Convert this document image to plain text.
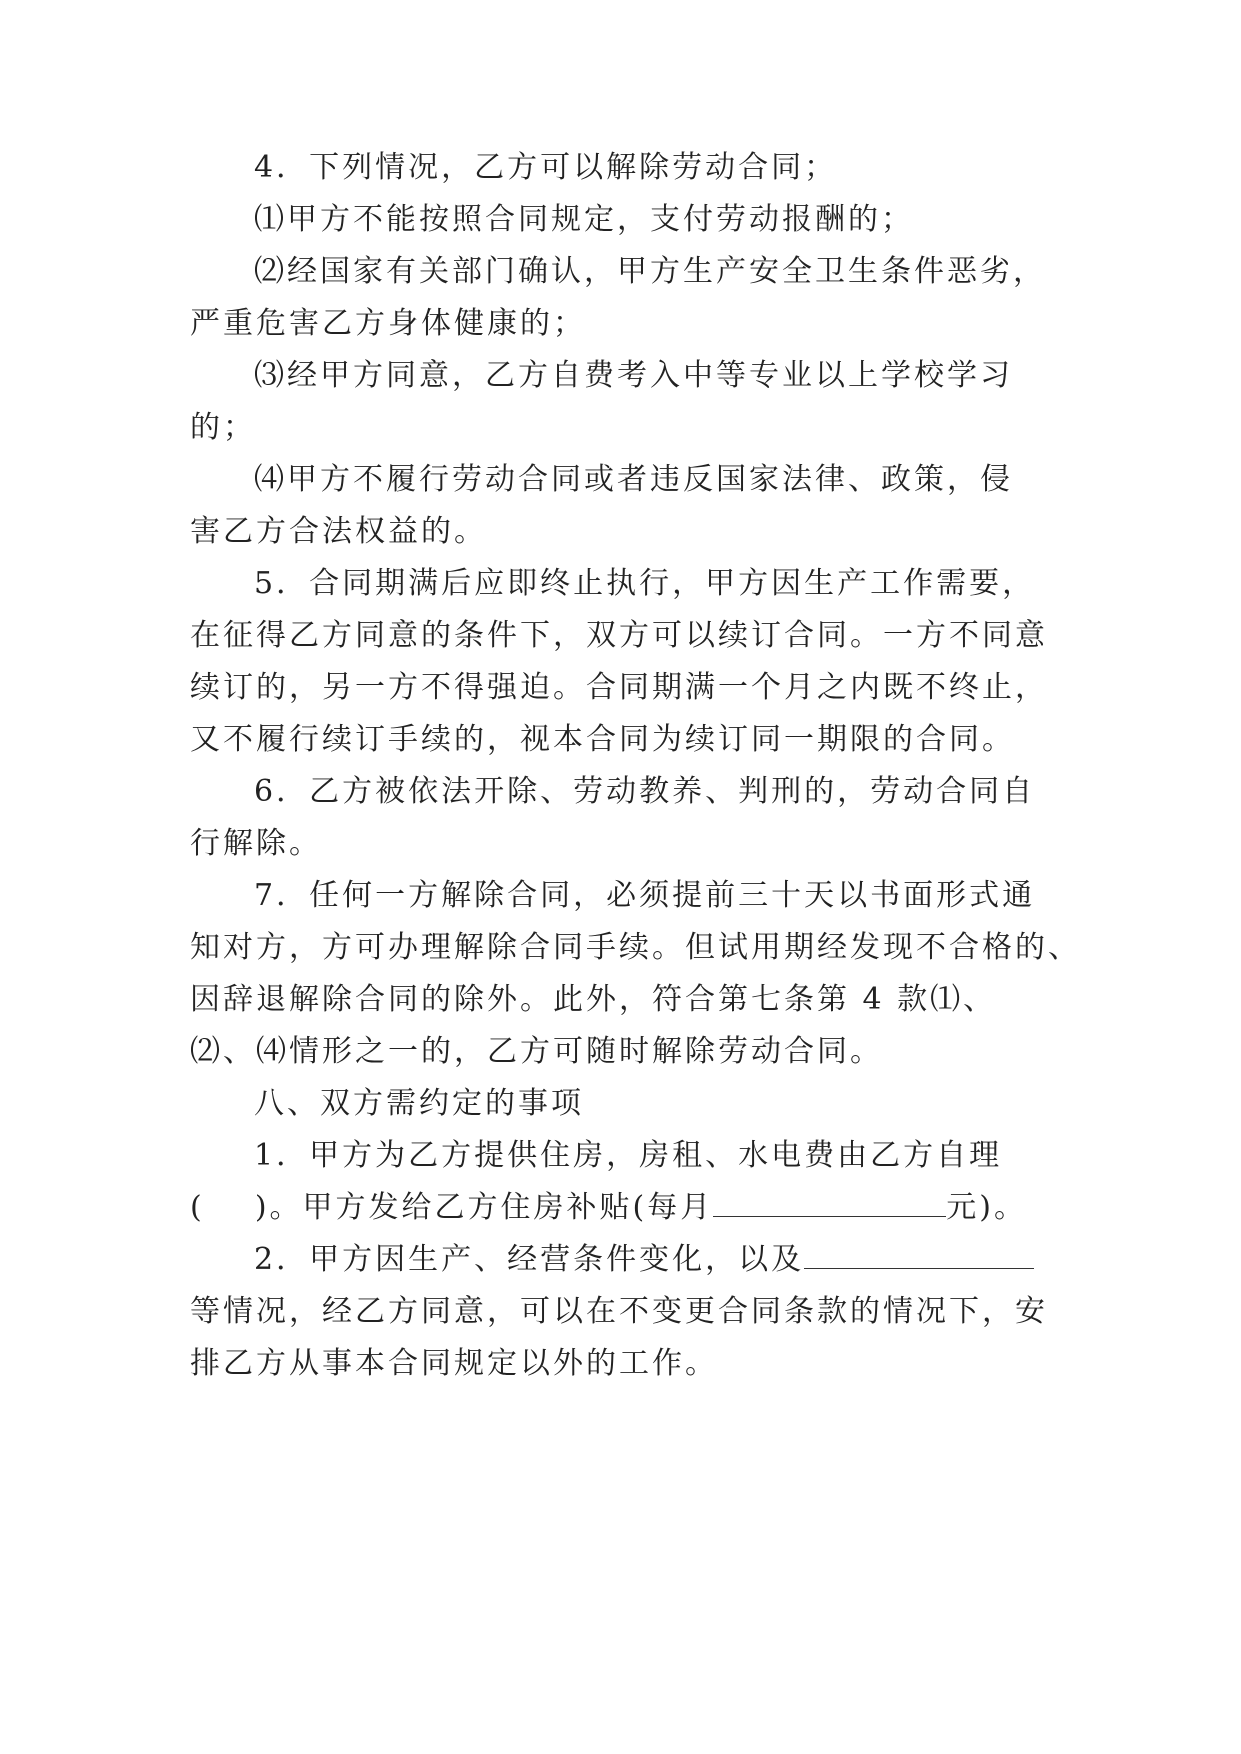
4．下列情况，乙方可以解除劳动合同；
⑴甲方不能按照合同规定，支付劳动报酬的；
⑵经国家有关部门确认，甲方生产安全卫生条件恶劣，
严重危害乙方身体健康的；
⑶经甲方同意，乙方自费考入中等专业以上学校学习
的；
⑷甲方不履行劳动合同或者违反国家法律、政策，侵
害乙方合法权益的。
5．合同期满后应即终止执行，甲方因生产工作需要，
在征得乙方同意的条件下，双方可以续订合同。一方不同意
续订的，另一方不得强迫。合同期满一个月之内既不终止，
又不履行续订手续的，视本合同为续订同一期限的合同。
6．乙方被依法开除、劳动教养、判刑的，劳动合同自
行解除。
7．任何一方解除合同，必须提前三十天以书面形式通
知对方，方可办理解除合同手续。但试用期经发现不合格的、
因辞退解除合同的除外。此外，符合第七条第 4 款⑴、
⑵、⑷情形之一的，乙方可随时解除劳动合同。
八、双方需约定的事项
1．甲方为乙方提供住房，房租、水电费由乙方自理
(    )。甲方发给乙方住房补贴(每月	元)。
2．甲方因生产、经营条件变化，以及
等情况，经乙方同意，可以在不变更合同条款的情况下，安
排乙方从事本合同规定以外的工作。
